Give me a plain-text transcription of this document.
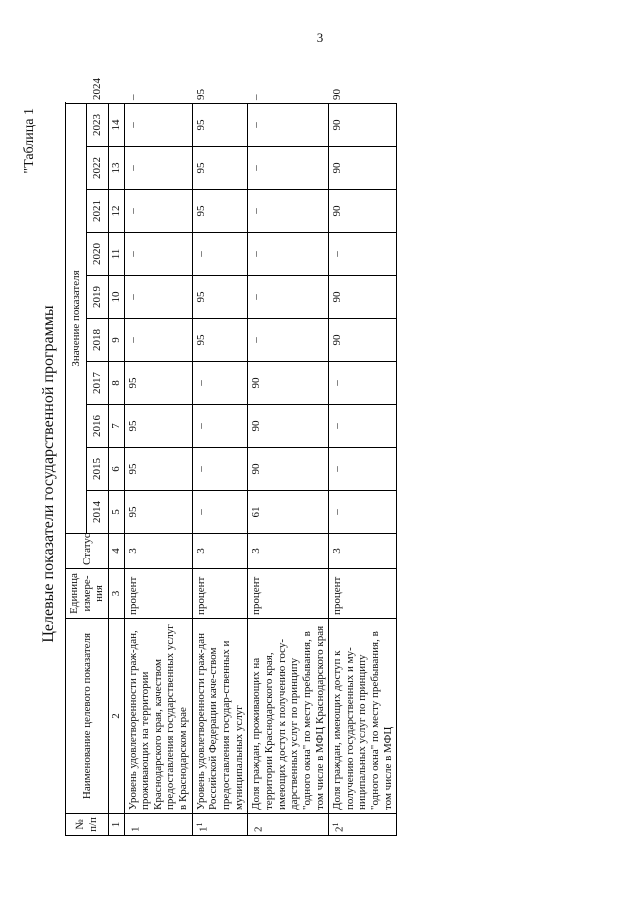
3
"Таблица 1
Целевые показатели государственной программы
№ п/п	Наименование целевого показателя	Единица измере-ния	Статус	Значение показателя										
				2014	2015	2016	2017	2018	2019	2020	2021	2022	2023	2024
1	2	3	4	5	6	7	8	9	10	11	12	13	14	
1	Уровень удовлетворенности граж-дан, проживающих на территории Краснодарского края, качеством предоставления государственных услуг в Краснодарском крае	процент	3	95	95	95	95	–	–	–	–	–	–	–
$1^1$	Уровень удовлетворенности граж-дан Российской Федерации каче-ством предоставления государ-ственных и муниципальных услуг	процент	3	–	–	–	–	95	95	–	95	95	95	95
2	Доля граждан, проживающих на территории Краснодарского края, имеющих доступ к получению госу-дарственных услуг по принципу "одного окна" по месту пребывания, в том числе в МФЦ Краснодарского края	процент	3	61	90	90	90	–	–	–	–	–	–	–
$2^1$	Доля граждан, имеющих доступ к получению государственных и му-ниципальных услуг по принципу "одного окна" по месту пребывания, в том числе в МФЦ	процент	3	–	–	–	–	90	90	–	90	90	90	90
